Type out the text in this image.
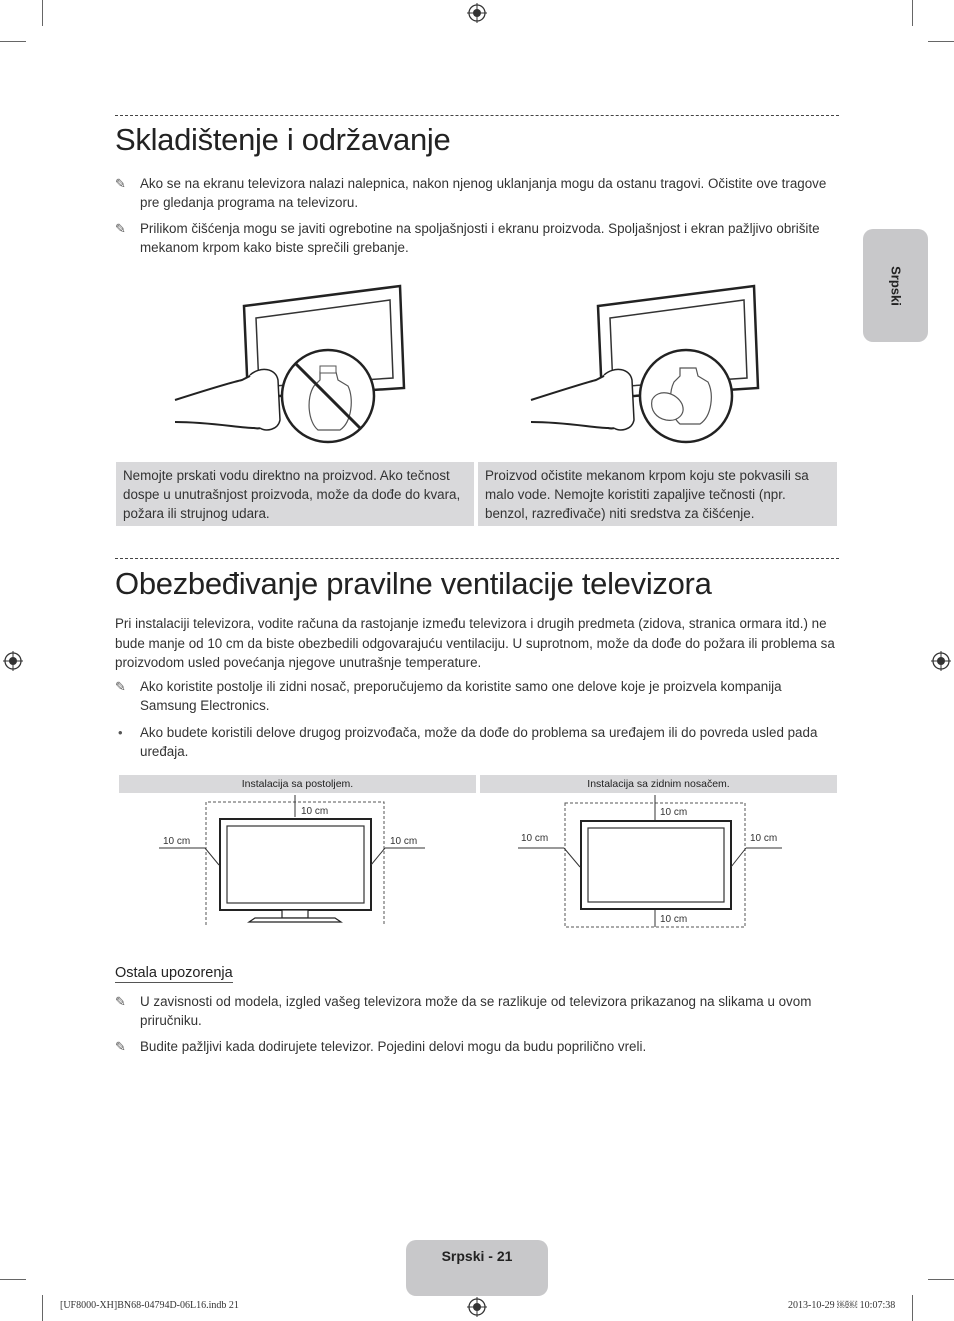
Srpski
Skladištenje i održavanje
✎	Ako se na ekranu televizora nalazi nalepnica, nakon njenog uklanjanja mogu da ostanu tragovi. Očistite ove tragove pre gledanja programa na televizoru.
✎	Prilikom čišćenja mogu se javiti ogrebotine na spoljašnjosti i ekranu proizvoda. Spoljašnjost i ekran pažljivo obrišite mekanom krpom kako biste sprečili grebanje.
Nemojte prskati vodu direktno na proizvod. Ako tečnost dospe u unutrašnjost proizvoda, može da dođe do kvara, požara ili strujnog udara.
Proizvod očistite mekanom krpom koju ste pokvasili sa malo vode. Nemojte koristiti zapaljive tečnosti (npr. benzol, razređivače) niti sredstva za čišćenje.
Obezbeđivanje pravilne ventilacije televizora
Pri instalaciji televizora, vodite računa da rastojanje između televizora i drugih predmeta (zidova, stranica ormara itd.) ne bude manje od 10 cm da biste obezbedili odgovarajuću ventilaciju. U suprotnom, može da dođe do požara ili problema sa proizvodom usled povećanja njegove unutrašnje temperature.
✎	Ako koristite postolje ili zidni nosač, preporučujemo da koristite samo one delove koje je proizvela kompanija Samsung Electronics.
•	Ako budete koristili delove drugog proizvođača, može da dođe do problema sa uređajem ili do povreda usled pada uređaja.
Instalacija sa postoljem.	Instalacija sa zidnim nosačem.
10 cm
10 cm	10 cm
10 cm
10 cm	10 cm
10 cm
Ostala upozorenja
✎	U zavisnosti od modela, izgled vašeg televizora može da se razlikuje od televizora prikazanog na slikama u ovom priručniku.
✎	Budite pažljivi kada dodirujete televizor. Pojedini delovi mogu da budu poprilično vreli.
Srpski - 21
[UF8000-XH]BN68-04794D-06L16.indb 21	2013-10-29 ￼￼ 10:07:38
